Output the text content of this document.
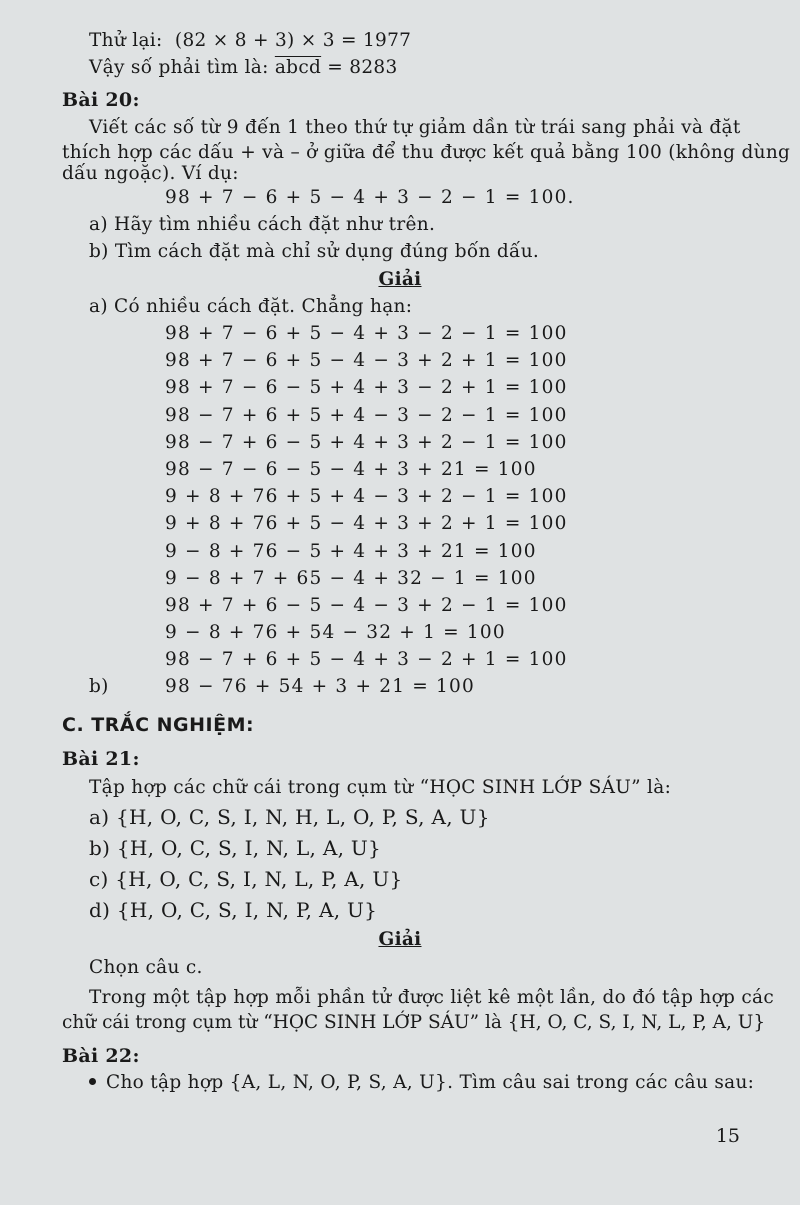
Thử lại: (82 × 8 + 3) × 3 = 1977
Vậy số phải tìm là: abcd = 8283
Bài 20:
Viết các số từ 9 đến 1 theo thứ tự giảm dần từ trái sang phải và đặt
thích hợp các dấu + và – ở giữa để thu được kết quả bằng 100 (không dùng
dấu ngoặc). Ví dụ:
98 + 7 − 6 + 5 − 4 + 3 − 2 − 1 = 100.
a) Hãy tìm nhiều cách đặt như trên.
b) Tìm cách đặt mà chỉ sử dụng đúng bốn dấu.
Giải
a) Có nhiều cách đặt. Chẳng hạn:
98 + 7 − 6 + 5 − 4 + 3 − 2 − 1 = 100
98 + 7 − 6 + 5 − 4 − 3 + 2 + 1 = 100
98 + 7 − 6 − 5 + 4 + 3 − 2 + 1 = 100
98 − 7 + 6 + 5 + 4 − 3 − 2 − 1 = 100
98 − 7 + 6 − 5 + 4 + 3 + 2 − 1 = 100
98 − 7 − 6 − 5 − 4 + 3 + 21 = 100
9 + 8 + 76 + 5 + 4 − 3 + 2 − 1 = 100
9 + 8 + 76 + 5 − 4 + 3 + 2 + 1 = 100
9 − 8 + 76 − 5 + 4 + 3 + 21 = 100
9 − 8 + 7 + 65 − 4 + 32 − 1 = 100
98 + 7 + 6 − 5 − 4 − 3 + 2 − 1 = 100
9 − 8 + 76 + 54 − 32 + 1 = 100
98 − 7 + 6 + 5 − 4 + 3 − 2 + 1 = 100
b)	98 − 76 + 54 + 3 + 21 = 100
C. TRẮC NGHIỆM:
Bài 21:
Tập hợp các chữ cái trong cụm từ “HỌC SINH LỚP SÁU” là:
a) {H, O, C, S, I, N, H, L, O, P, S, A, U}
b) {H, O, C, S, I, N, L, A, U}
c) {H, O, C, S, I, N, L, P, A, U}
d) {H, O, C, S, I, N, P, A, U}
Giải
Chọn câu c.
Trong một tập hợp mỗi phần tử được liệt kê một lần, do đó tập hợp các
chữ cái trong cụm từ “HỌC SINH LỚP SÁU” là {H, O, C, S, I, N, L, P, A, U}
Bài 22:
Cho tập hợp {A, L, N, O, P, S, A, U}. Tìm câu sai trong các câu sau:
15
